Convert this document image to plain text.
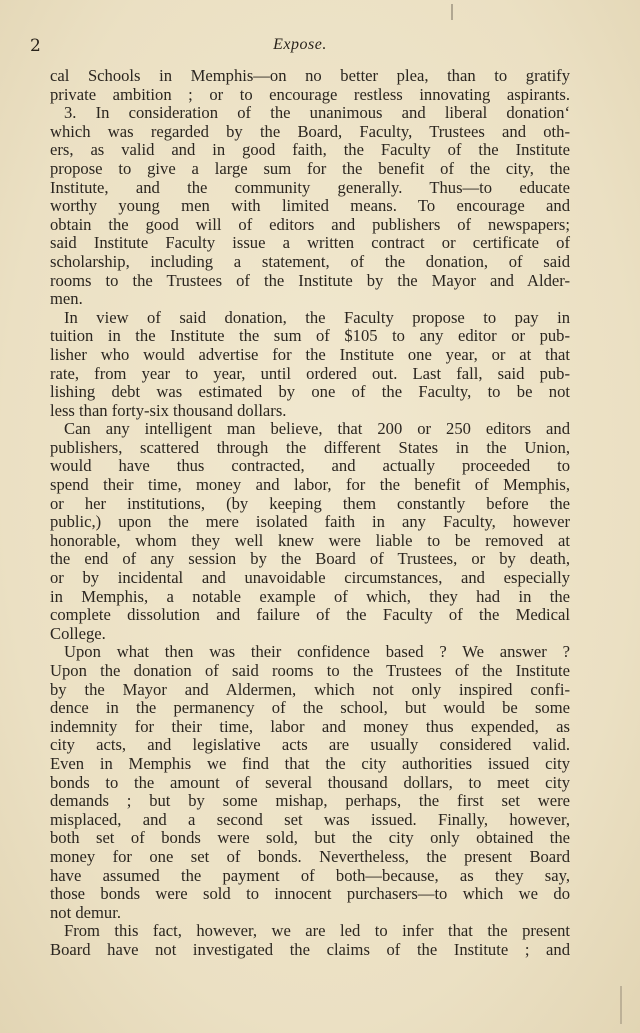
2	Expose.
cal Schools in Memphis—on no better plea, than to gratify
private ambition ; or to encourage restless innovating aspirants.
3. In consideration of the unanimous and liberal donation‘
which was regarded by the Board, Faculty, Trustees and oth-
ers, as valid and in good faith, the Faculty of the Institute
propose to give a large sum for the benefit of the city, the
Institute, and the community generally. Thus—to educate
worthy young men with limited means. To encourage and
obtain the good will of editors and publishers of newspapers;
said Institute Faculty issue a written contract or certificate of
scholarship, including a statement, of the donation, of said
rooms to the Trustees of the Institute by the Mayor and Alder-
men.
In view of said donation, the Faculty propose to pay in
tuition in the Institute the sum of $105 to any editor or pub-
lisher who would advertise for the Institute one year, or at that
rate, from year to year, until ordered out. Last fall, said pub-
lishing debt was estimated by one of the Faculty, to be not
less than forty-six thousand dollars.
Can any intelligent man believe, that 200 or 250 editors and
publishers, scattered through the different States in the Union,
would have thus contracted, and actually proceeded to
spend their time, money and labor, for the benefit of Memphis,
or her institutions, (by keeping them constantly before the
public,) upon the mere isolated faith in any Faculty, however
honorable, whom they well knew were liable to be removed at
the end of any session by the Board of Trustees, or by death,
or by incidental and unavoidable circumstances, and especially
in Memphis, a notable example of which, they had in the
complete dissolution and failure of the Faculty of the Medical
College.
Upon what then was their confidence based ? We answer ?
Upon the donation of said rooms to the Trustees of the Institute
by the Mayor and Aldermen, which not only inspired confi-
dence in the permanency of the school, but would be some
indemnity for their time, labor and money thus expended, as
city acts, and legislative acts are usually considered valid.
Even in Memphis we find that the city authorities issued city
bonds to the amount of several thousand dollars, to meet city
demands ; but by some mishap, perhaps, the first set were
misplaced, and a second set was issued. Finally, however,
both set of bonds were sold, but the city only obtained the
money for one set of bonds. Nevertheless, the present Board
have assumed the payment of both—because, as they say,
those bonds were sold to innocent purchasers—to which we do
not demur.
From this fact, however, we are led to infer that the present
Board have not investigated the claims of the Institute ; and
